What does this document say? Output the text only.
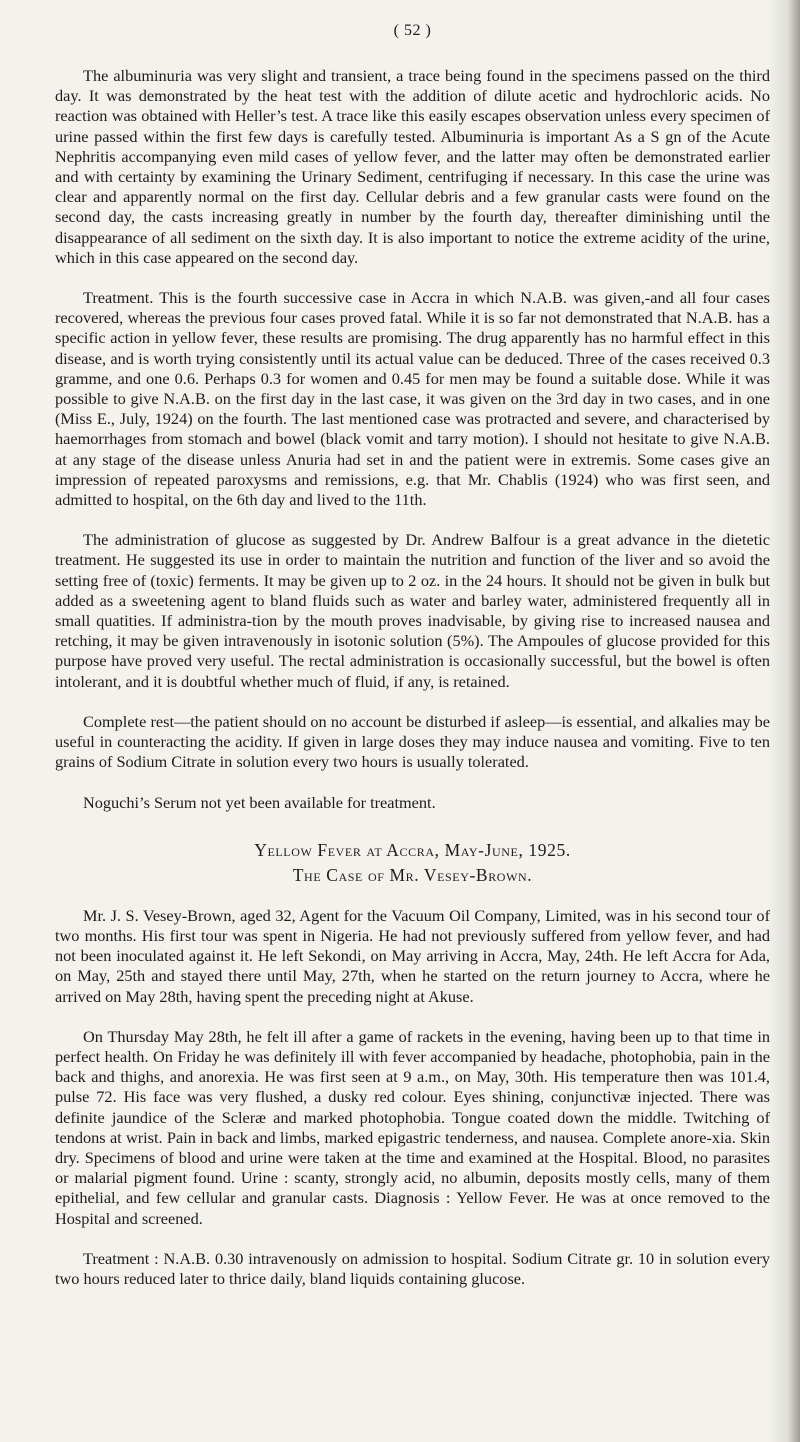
( 52 )

The albuminuria was very slight and transient, a trace being found in the specimens passed on the third day. It was demonstrated by the heat test with the addition of dilute acetic and hydrochloric acids. No reaction was obtained with Heller’s test. A trace like this easily escapes observation unless every specimen of urine passed within the first few days is carefully tested. Albuminuria is important As a S gn of the Acute Nephritis accompanying even mild cases of yellow fever, and the latter may often be demonstrated earlier and with certainty by examining the Urinary Sediment, centrifuging if necessary. In this case the urine was clear and apparently normal on the first day. Cellular debris and a few granular casts were found on the second day, the casts increasing greatly in number by the fourth day, thereafter diminishing until the disappearance of all sediment on the sixth day. It is also important to notice the extreme acidity of the urine, which in this case appeared on the second day.

Treatment. This is the fourth successive case in Accra in which N.A.B. was given,-and all four cases recovered, whereas the previous four cases proved fatal. While it is so far not demonstrated that N.A.B. has a specific action in yellow fever, these results are promising. The drug apparently has no harmful effect in this disease, and is worth trying consistently until its actual value can be deduced. Three of the cases received 0.3 gramme, and one 0.6. Perhaps 0.3 for women and 0.45 for men may be found a suitable dose. While it was possible to give N.A.B. on the first day in the last case, it was given on the 3rd day in two cases, and in one (Miss E., July, 1924) on the fourth. The last mentioned case was protracted and severe, and characterised by haemorrhages from stomach and bowel (black vomit and tarry motion). I should not hesitate to give N.A.B. at any stage of the disease unless Anuria had set in and the patient were in extremis. Some cases give an impression of repeated paroxysms and remissions, e.g. that Mr. Chablis (1924) who was first seen, and admitted to hospital, on the 6th day and lived to the 11th.

The administration of glucose as suggested by Dr. Andrew Balfour is a great advance in the dietetic treatment. He suggested its use in order to maintain the nutrition and function of the liver and so avoid the setting free of (toxic) ferments. It may be given up to 2 oz. in the 24 hours. It should not be given in bulk but added as a sweetening agent to bland fluids such as water and barley water, administered frequently all in small quatities. If administra-tion by the mouth proves inadvisable, by giving rise to increased nausea and retching, it may be given intravenously in isotonic solution (5%). The Ampoules of glucose provided for this purpose have proved very useful. The rectal administration is occasionally successful, but the bowel is often intolerant, and it is doubtful whether much of fluid, if any, is retained.

Complete rest—the patient should on no account be disturbed if asleep—is essential, and alkalies may be useful in counteracting the acidity. If given in large doses they may induce nausea and vomiting. Five to ten grains of Sodium Citrate in solution every two hours is usually tolerated.

Noguchi’s Serum not yet been available for treatment.

Yellow Fever at Accra, May-June, 1925.

The Case of Mr. Vesey-Brown.

Mr. J. S. Vesey-Brown, aged 32, Agent for the Vacuum Oil Company, Limited, was in his second tour of two months. His first tour was spent in Nigeria. He had not previously suffered from yellow fever, and had not been inoculated against it. He left Sekondi, on May arriving in Accra, May, 24th. He left Accra for Ada, on May, 25th and stayed there until May, 27th, when he started on the return journey to Accra, where he arrived on May 28th, having spent the preceding night at Akuse.

On Thursday May 28th, he felt ill after a game of rackets in the evening, having been up to that time in perfect health. On Friday he was definitely ill with fever accompanied by headache, photophobia, pain in the back and thighs, and anorexia. He was first seen at 9 a.m., on May, 30th. His temperature then was 101.4, pulse 72. His face was very flushed, a dusky red colour. Eyes shining, conjunctivæ injected. There was definite jaundice of the Scleræ and marked photophobia. Tongue coated down the middle. Twitching of tendons at wrist. Pain in back and limbs, marked epigastric tenderness, and nausea. Complete anore-xia. Skin dry. Specimens of blood and urine were taken at the time and examined at the Hospital. Blood, no parasites or malarial pigment found. Urine : scanty, strongly acid, no albumin, deposits mostly cells, many of them epithelial, and few cellular and granular casts. Diagnosis : Yellow Fever. He was at once removed to the Hospital and screened.

Treatment : N.A.B. 0.30 intravenously on admission to hospital. Sodium Citrate gr. 10 in solution every two hours reduced later to thrice daily, bland liquids containing glucose.
